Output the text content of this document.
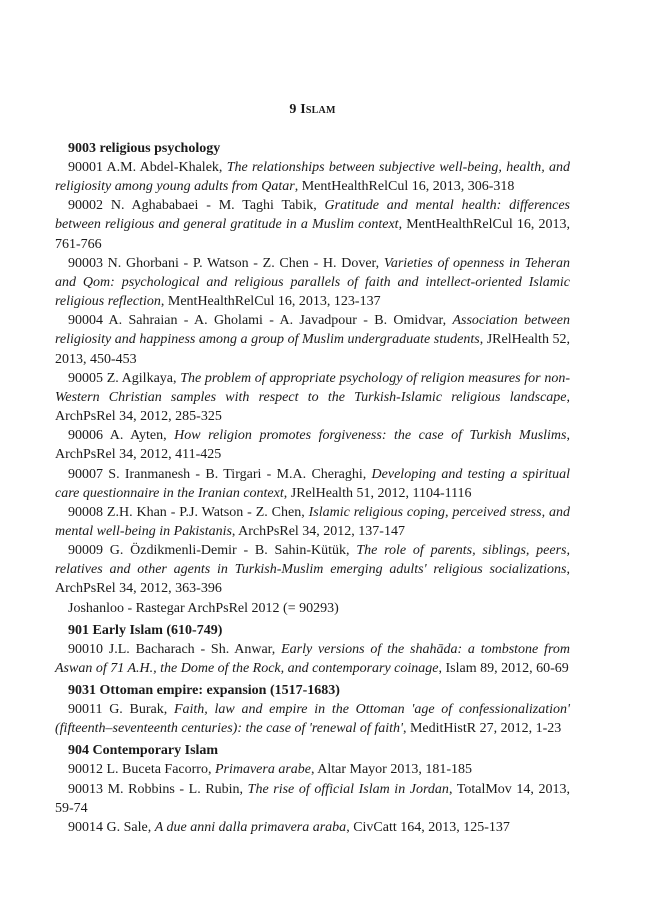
9 Islam

9003 religious psychology

90001 A.M. Abdel-Khalek, The relationships between subjective well-being, health, and religiosity among young adults from Qatar, MentHealthRelCul 16, 2013, 306-318

90002 N. Aghababaei - M. Taghi Tabik, Gratitude and mental health: differences between religious and general gratitude in a Muslim context, MentHealthRelCul 16, 2013, 761-766

90003 N. Ghorbani - P. Watson - Z. Chen - H. Dover, Varieties of openness in Teheran and Qom: psychological and religious parallels of faith and intellect-oriented Islamic religious reflection, MentHealthRelCul 16, 2013, 123-137

90004 A. Sahraian - A. Gholami - A. Javadpour - B. Omidvar, Association between religiosity and happiness among a group of Muslim undergraduate students, JRelHealth 52, 2013, 450-453

90005 Z. Agilkaya, The problem of appropriate psychology of religion measures for non-Western Christian samples with respect to the Turkish-Islamic religious landscape, ArchPsRel 34, 2012, 285-325

90006 A. Ayten, How religion promotes forgiveness: the case of Turkish Muslims, ArchPsRel 34, 2012, 411-425

90007 S. Iranmanesh - B. Tirgari - M.A. Cheraghi, Developing and testing a spiritual care questionnaire in the Iranian context, JRelHealth 51, 2012, 1104-1116

90008 Z.H. Khan - P.J. Watson - Z. Chen, Islamic religious coping, perceived stress, and mental well-being in Pakistanis, ArchPsRel 34, 2012, 137-147

90009 G. Özdikmenli-Demir - B. Sahin-Kütük, The role of parents, siblings, peers, relatives and other agents in Turkish-Muslim emerging adults' religious socializations, ArchPsRel 34, 2012, 363-396

Joshanloo - Rastegar ArchPsRel 2012 (= 90293)

901 Early Islam (610-749)

90010 J.L. Bacharach - Sh. Anwar, Early versions of the shahāda: a tombstone from Aswan of 71 A.H., the Dome of the Rock, and contemporary coinage, Islam 89, 2012, 60-69

9031 Ottoman empire: expansion (1517-1683)

90011 G. Burak, Faith, law and empire in the Ottoman 'age of confessionalization' (fifteenth–seventeenth centuries): the case of 'renewal of faith', MeditHistR 27, 2012, 1-23

904 Contemporary Islam

90012 L. Buceta Facorro, Primavera arabe, Altar Mayor 2013, 181-185

90013 M. Robbins - L. Rubin, The rise of official Islam in Jordan, TotalMov 14, 2013, 59-74

90014 G. Sale, A due anni dalla primavera araba, CivCatt 164, 2013, 125-137
